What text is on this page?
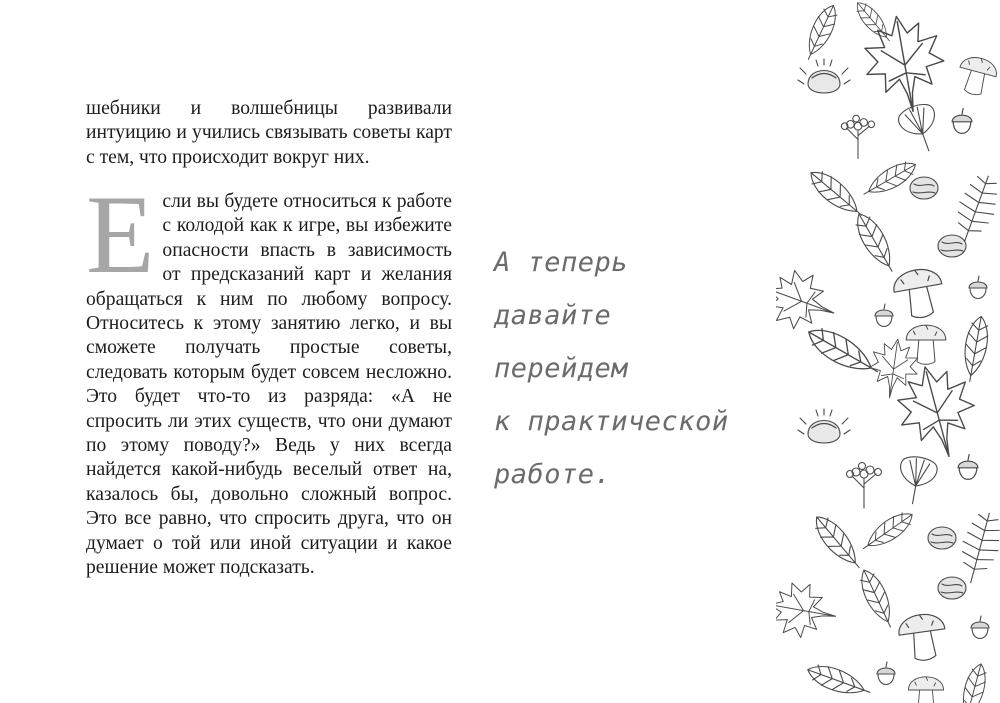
шебники и волшебницы развивали интуицию и учились связывать советы карт с тем, что происходит вокруг них.

Если вы будете относиться к работе с колодой как к игре, вы избежите опасности впасть в зависимость от предсказаний карт и желания обращаться к ним по любому вопросу. Относитесь к этому занятию легко, и вы сможете получать простые советы, следовать которым будет совсем несложно. Это будет что-то из разряда: «А не спросить ли этих существ, что они думают по этому поводу?» Ведь у них всегда найдется какой-нибудь веселый ответ на, казалось бы, довольно сложный вопрос. Это все равно, что спросить друга, что он думает о той или иной ситуации и какое решение может подсказать.

А теперь
давайте
перейдем
к практической
работе.
